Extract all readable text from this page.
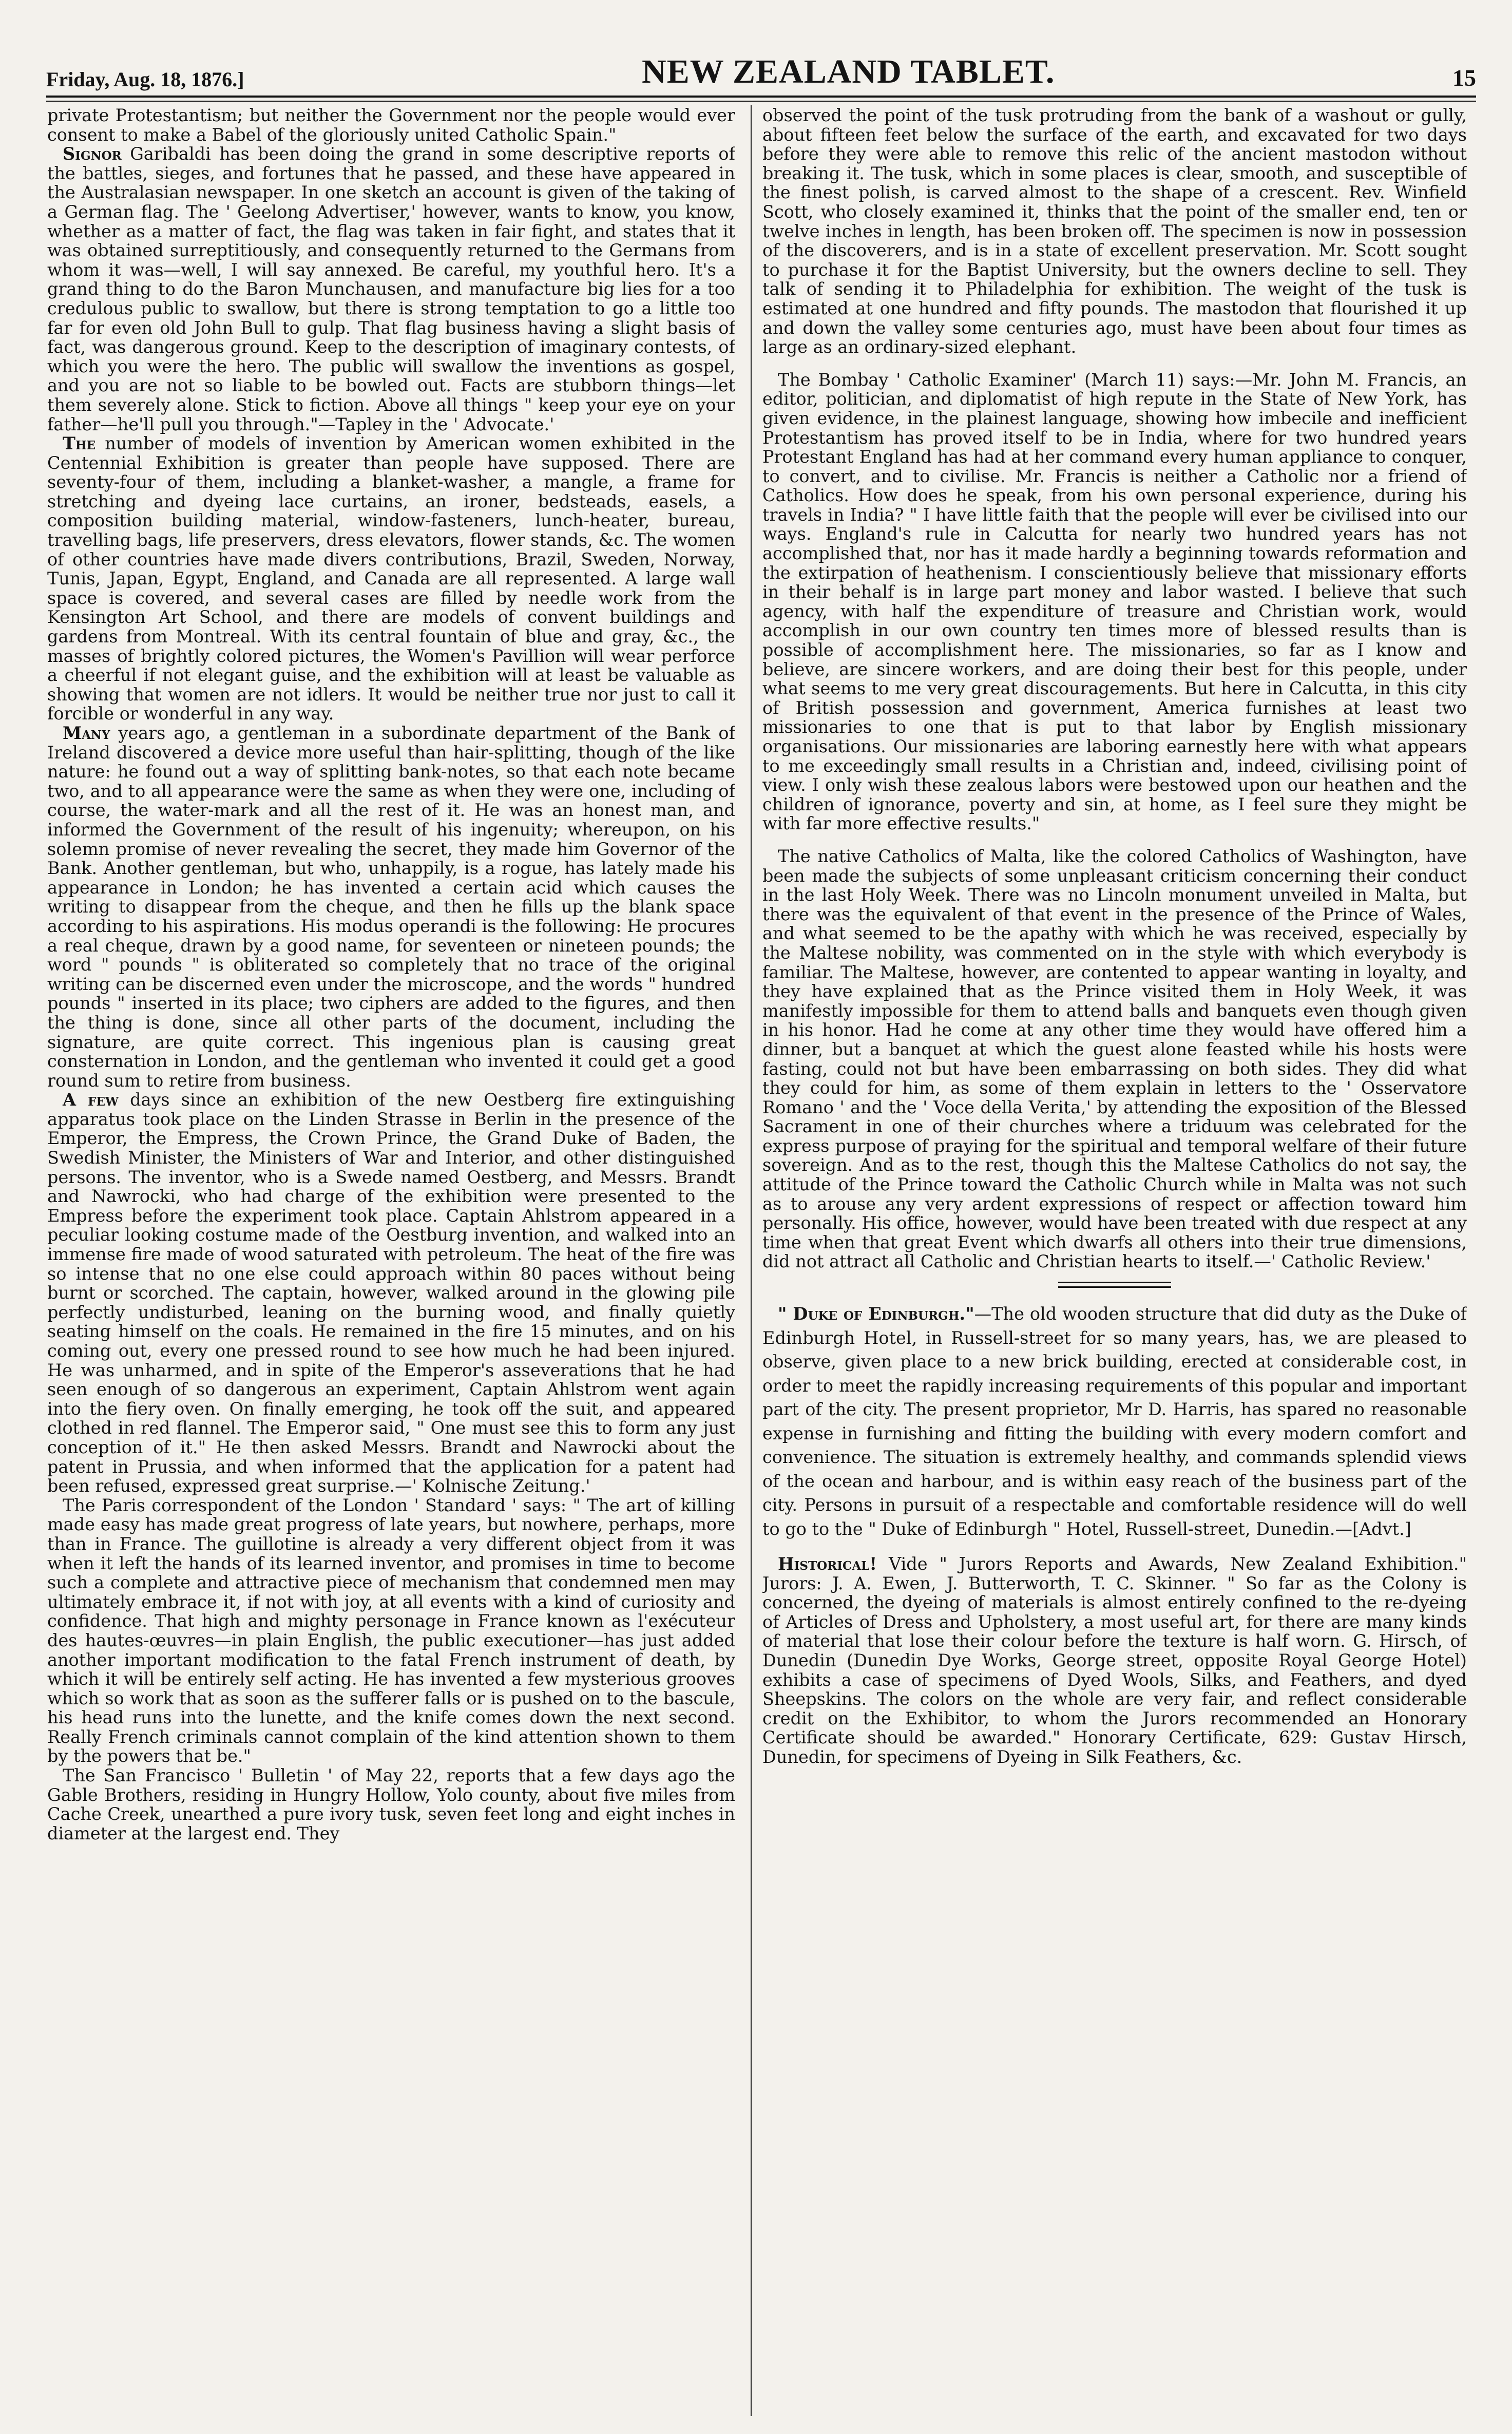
Friday, Aug. 18, 1876.]	NEW ZEALAND TABLET.	15

private Protestantism; but neither the Government nor the people would ever consent to make a Babel of the gloriously united Catholic Spain."

Signor Garibaldi has been doing the grand in some descriptive reports of the battles, sieges, and fortunes that he passed, and these have appeared in the Australasian newspaper. In one sketch an account is given of the taking of a German flag. The ' Geelong Advertiser,' however, wants to know, you know, whether as a matter of fact, the flag was taken in fair fight, and states that it was obtained surreptitiously, and consequently returned to the Germans from whom it was—well, I will say annexed. Be careful, my youthful hero. It's a grand thing to do the Baron Munchausen, and manufacture big lies for a too credulous public to swallow, but there is strong temptation to go a little too far for even old John Bull to gulp. That flag business having a slight basis of fact, was dangerous ground. Keep to the description of imaginary contests, of which you were the hero. The public will swallow the inventions as gospel, and you are not so liable to be bowled out. Facts are stubborn things—let them severely alone. Stick to fiction. Above all things " keep your eye on your father—he'll pull you through."—Tapley in the ' Advocate.'

The number of models of invention by American women exhibited in the Centennial Exhibition is greater than people have supposed. There are seventy-four of them, including a blanket-washer, a mangle, a frame for stretching and dyeing lace curtains, an ironer, bedsteads, easels, a composition building material, window-fasteners, lunch-heater, bureau, travelling bags, life preservers, dress elevators, flower stands, &c. The women of other countries have made divers contributions, Brazil, Sweden, Norway, Tunis, Japan, Egypt, England, and Canada are all represented. A large wall space is covered, and several cases are filled by needle work from the Kensington Art School, and there are models of convent buildings and gardens from Montreal. With its central fountain of blue and gray, &c., the masses of brightly colored pictures, the Women's Pavillion will wear perforce a cheerful if not elegant guise, and the exhibition will at least be valuable as showing that women are not idlers. It would be neither true nor just to call it forcible or wonderful in any way.

Many years ago, a gentleman in a subordinate department of the Bank of Ireland discovered a device more useful than hair-splitting, though of the like nature: he found out a way of splitting bank-notes, so that each note became two, and to all appearance were the same as when they were one, including of course, the water-mark and all the rest of it. He was an honest man, and informed the Government of the result of his ingenuity; whereupon, on his solemn promise of never revealing the secret, they made him Governor of the Bank. Another gentleman, but who, unhappily, is a rogue, has lately made his appearance in London; he has invented a certain acid which causes the writing to disappear from the cheque, and then he fills up the blank space according to his aspirations. His modus operandi is the following: He procures a real cheque, drawn by a good name, for seventeen or nineteen pounds; the word " pounds " is obliterated so completely that no trace of the original writing can be discerned even under the microscope, and the words " hundred pounds " inserted in its place; two ciphers are added to the figures, and then the thing is done, since all other parts of the document, including the signature, are quite correct. This ingenious plan is causing great consternation in London, and the gentleman who invented it could get a good round sum to retire from business.

A few days since an exhibition of the new Oestberg fire extinguishing apparatus took place on the Linden Strasse in Berlin in the presence of the Emperor, the Empress, the Crown Prince, the Grand Duke of Baden, the Swedish Minister, the Ministers of War and Interior, and other distinguished persons. The inventor, who is a Swede named Oestberg, and Messrs. Brandt and Nawrocki, who had charge of the exhibition were presented to the Empress before the experiment took place. Captain Ahlstrom appeared in a peculiar looking costume made of the Oestburg invention, and walked into an immense fire made of wood saturated with petroleum. The heat of the fire was so intense that no one else could approach within 80 paces without being burnt or scorched. The captain, however, walked around in the glowing pile perfectly undisturbed, leaning on the burning wood, and finally quietly seating himself on the coals. He remained in the fire 15 minutes, and on his coming out, every one pressed round to see how much he had been injured. He was unharmed, and in spite of the Emperor's asseverations that he had seen enough of so dangerous an experiment, Captain Ahlstrom went again into the fiery oven. On finally emerging, he took off the suit, and appeared clothed in red flannel. The Emperor said, " One must see this to form any just conception of it." He then asked Messrs. Brandt and Nawrocki about the patent in Prussia, and when informed that the application for a patent had been refused, expressed great surprise.—' Kolnische Zeitung.'

The Paris correspondent of the London ' Standard ' says: " The art of killing made easy has made great progress of late years, but nowhere, perhaps, more than in France. The guillotine is already a very different object from it was when it left the hands of its learned inventor, and promises in time to become such a complete and attractive piece of mechanism that condemned men may ultimately embrace it, if not with joy, at all events with a kind of curiosity and confidence. That high and mighty personage in France known as l'exécuteur des hautes-œuvres—in plain English, the public executioner—has just added another important modification to the fatal French instrument of death, by which it will be entirely self acting. He has invented a few mysterious grooves which so work that as soon as the sufferer falls or is pushed on to the bascule, his head runs into the lunette, and the knife comes down the next second. Really French criminals cannot complain of the kind attention shown to them by the powers that be."

The San Francisco ' Bulletin ' of May 22, reports that a few days ago the Gable Brothers, residing in Hungry Hollow, Yolo county, about five miles from Cache Creek, unearthed a pure ivory tusk, seven feet long and eight inches in diameter at the largest end. They

observed the point of the tusk protruding from the bank of a washout or gully, about fifteen feet below the surface of the earth, and excavated for two days before they were able to remove this relic of the ancient mastodon without breaking it. The tusk, which in some places is clear, smooth, and susceptible of the finest polish, is carved almost to the shape of a crescent. Rev. Winfield Scott, who closely examined it, thinks that the point of the smaller end, ten or twelve inches in length, has been broken off. The specimen is now in possession of the discoverers, and is in a state of excellent preservation. Mr. Scott sought to purchase it for the Baptist University, but the owners decline to sell. They talk of sending it to Philadelphia for exhibition. The weight of the tusk is estimated at one hundred and fifty pounds. The mastodon that flourished it up and down the valley some centuries ago, must have been about four times as large as an ordinary-sized elephant.

The Bombay ' Catholic Examiner' (March 11) says:—Mr. John M. Francis, an editor, politician, and diplomatist of high repute in the State of New York, has given evidence, in the plainest language, showing how imbecile and inefficient Protestantism has proved itself to be in India, where for two hundred years Protestant England has had at her command every human appliance to conquer, to convert, and to civilise. Mr. Francis is neither a Catholic nor a friend of Catholics. How does he speak, from his own personal experience, during his travels in India? " I have little faith that the people will ever be civilised into our ways. England's rule in Calcutta for nearly two hundred years has not accomplished that, nor has it made hardly a beginning towards reformation and the extirpation of heathenism. I conscientiously believe that missionary efforts in their behalf is in large part money and labor wasted. I believe that such agency, with half the expenditure of treasure and Christian work, would accomplish in our own country ten times more of blessed results than is possible of accomplishment here. The missionaries, so far as I know and believe, are sincere workers, and are doing their best for this people, under what seems to me very great discouragements. But here in Calcutta, in this city of British possession and government, America furnishes at least two missionaries to one that is put to that labor by English missionary organisations. Our missionaries are laboring earnestly here with what appears to me exceedingly small results in a Christian and, indeed, civilising point of view. I only wish these zealous labors were bestowed upon our heathen and the children of ignorance, poverty and sin, at home, as I feel sure they might be with far more effective results."

The native Catholics of Malta, like the colored Catholics of Washington, have been made the subjects of some unpleasant criticism concerning their conduct in the last Holy Week. There was no Lincoln monument unveiled in Malta, but there was the equivalent of that event in the presence of the Prince of Wales, and what seemed to be the apathy with which he was received, especially by the Maltese nobility, was commented on in the style with which everybody is familiar. The Maltese, however, are contented to appear wanting in loyalty, and they have explained that as the Prince visited them in Holy Week, it was manifestly impossible for them to attend balls and banquets even though given in his honor. Had he come at any other time they would have offered him a dinner, but a banquet at which the guest alone feasted while his hosts were fasting, could not but have been embarrassing on both sides. They did what they could for him, as some of them explain in letters to the ' Osservatore Romano ' and the ' Voce della Verita,' by attending the exposition of the Blessed Sacrament in one of their churches where a triduum was celebrated for the express purpose of praying for the spiritual and temporal welfare of their future sovereign. And as to the rest, though this the Maltese Catholics do not say, the attitude of the Prince toward the Catholic Church while in Malta was not such as to arouse any very ardent expressions of respect or affection toward him personally. His office, however, would have been treated with due respect at any time when that great Event which dwarfs all others into their true dimensions, did not attract all Catholic and Christian hearts to itself.—' Catholic Review.'

" Duke of Edinburgh."—The old wooden structure that did duty as the Duke of Edinburgh Hotel, in Russell-street for so many years, has, we are pleased to observe, given place to a new brick building, erected at considerable cost, in order to meet the rapidly increasing requirements of this popular and important part of the city. The present proprietor, Mr D. Harris, has spared no reasonable expense in furnishing and fitting the building with every modern comfort and convenience. The situation is extremely healthy, and commands splendid views of the ocean and harbour, and is within easy reach of the business part of the city. Persons in pursuit of a respectable and comfortable residence will do well to go to the " Duke of Edinburgh " Hotel, Russell-street, Dunedin.—[Advt.]

Historical! Vide " Jurors Reports and Awards, New Zealand Exhibition." Jurors: J. A. Ewen, J. Butterworth, T. C. Skinner. " So far as the Colony is concerned, the dyeing of materials is almost entirely confined to the re-dyeing of Articles of Dress and Upholstery, a most useful art, for there are many kinds of material that lose their colour before the texture is half worn. G. Hirsch, of Dunedin (Dunedin Dye Works, George street, opposite Royal George Hotel) exhibits a case of specimens of Dyed Wools, Silks, and Feathers, and dyed Sheepskins. The colors on the whole are very fair, and reflect considerable credit on the Exhibitor, to whom the Jurors recommended an Honorary Certificate should be awarded." Honorary Certificate, 629: Gustav Hirsch, Dunedin, for specimens of Dyeing in Silk Feathers, &c.
